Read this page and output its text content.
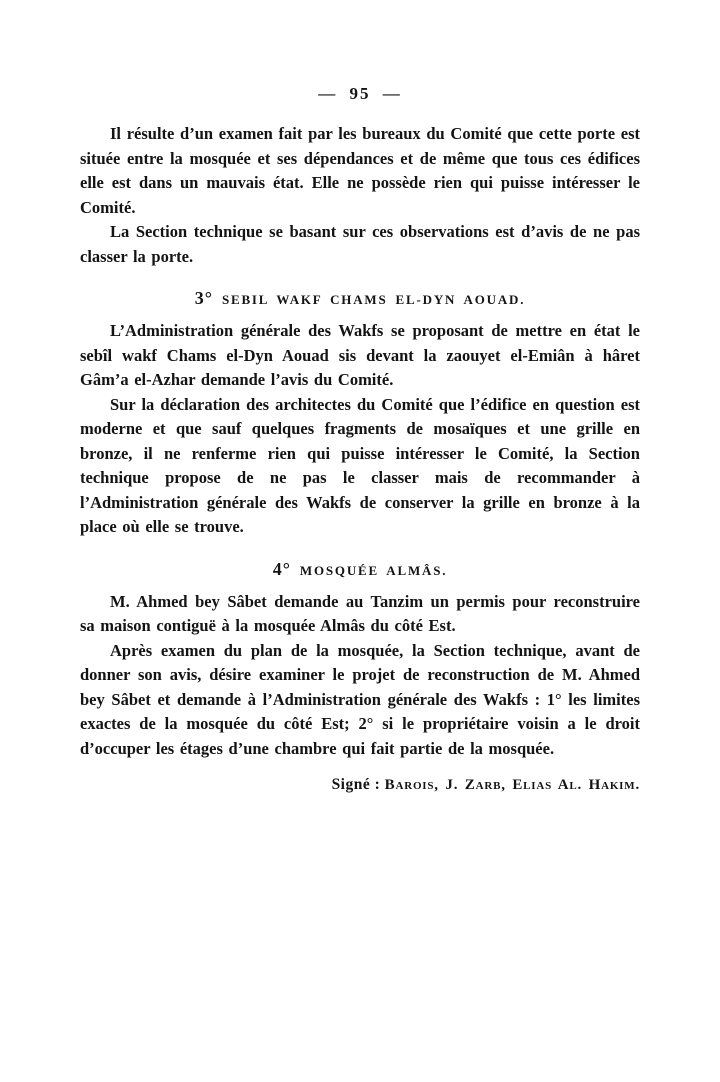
— 95 —

Il résulte d’un examen fait par les bureaux du Comité que cette porte est située entre la mosquée et ses dépendances et de même que tous ces édifices elle est dans un mauvais état. Elle ne possède rien qui puisse intéresser le Comité.

La Section technique se basant sur ces observations est d’avis de ne pas classer la porte.

3° SEBIL WAKF CHAMS EL-DYN AOUAD.

L’Administration générale des Wakfs se proposant de mettre en état le sebîl wakf Chams el-Dyn Aouad sis devant la zaouyet el-Emiân à hâret Gâm’a el-Azhar demande l’avis du Comité.

Sur la déclaration des architectes du Comité que l’édifice en question est moderne et que sauf quelques fragments de mosaïques et une grille en bronze, il ne renferme rien qui puisse intéresser le Comité, la Section technique propose de ne pas le classer mais de recommander à l’Administration générale des Wakfs de conserver la grille en bronze à la place où elle se trouve.

4° MOSQUÉE ALMÂS.

M. Ahmed bey Sâbet demande au Tanzim un permis pour reconstruire sa maison contiguë à la mosquée Almâs du côté Est.

Après examen du plan de la mosquée, la Section technique, avant de donner son avis, désire examiner le projet de reconstruction de M. Ahmed bey Sâbet et demande à l’Administration générale des Wakfs : 1° les limites exactes de la mosquée du côté Est; 2° si le propriétaire voisin a le droit d’occuper les étages d’une chambre qui fait partie de la mosquée.

Signé : Barois, J. Zarb, Elias Al. Hakim.
